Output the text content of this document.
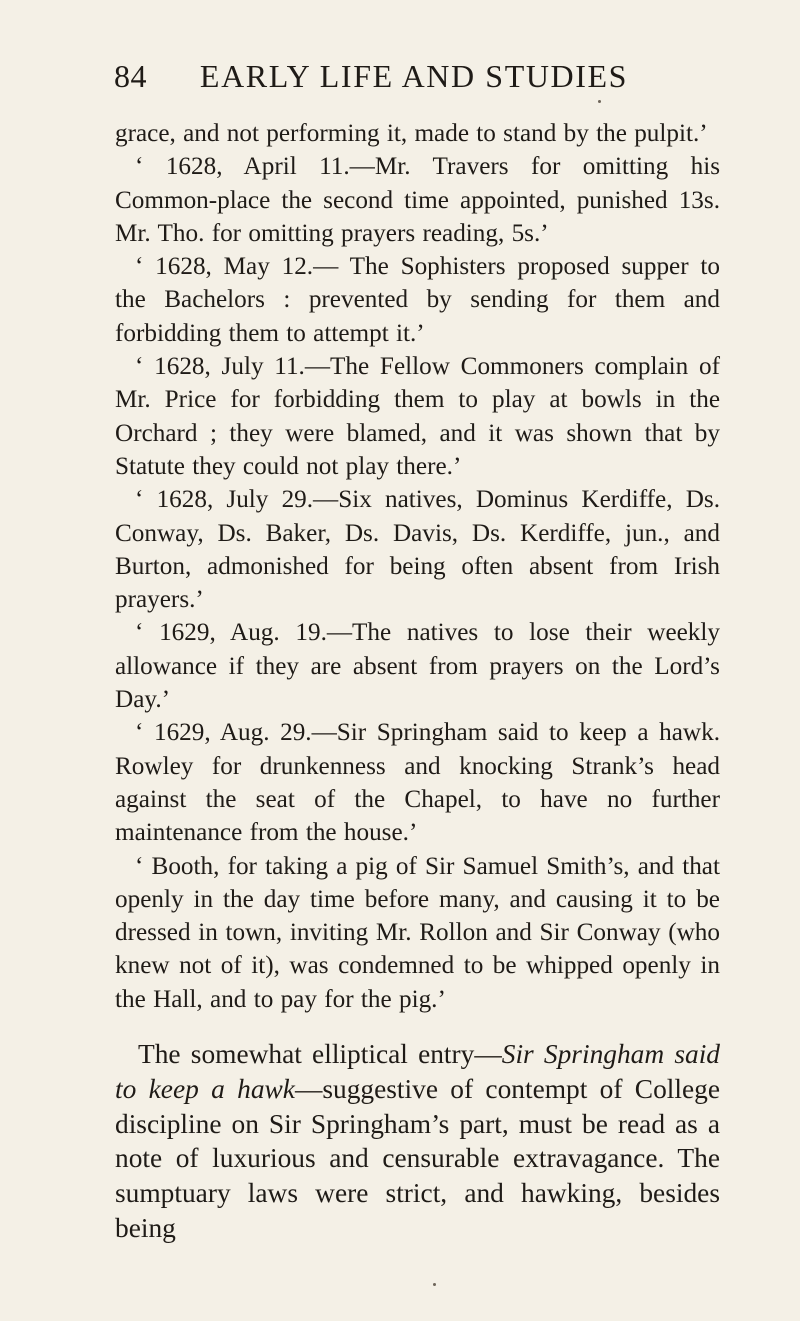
84	EARLY LIFE AND STUDIES

grace, and not performing it, made to stand by the pulpit.’

‘ 1628, April 11.—Mr. Travers for omitting his Common-place the second time appointed, punished 13s. Mr. Tho. for omitting prayers reading, 5s.’

‘ 1628, May 12.— The Sophisters proposed supper to the Bachelors : prevented by sending for them and forbidding them to attempt it.’

‘ 1628, July 11.—The Fellow Commoners complain of Mr. Price for forbidding them to play at bowls in the Orchard ; they were blamed, and it was shown that by Statute they could not play there.’

‘ 1628, July 29.—Six natives, Dominus Kerdiffe, Ds. Conway, Ds. Baker, Ds. Davis, Ds. Kerdiffe, jun., and Burton, admonished for being often absent from Irish prayers.’

‘ 1629, Aug. 19.—The natives to lose their weekly allowance if they are absent from prayers on the Lord’s Day.’

‘ 1629, Aug. 29.—Sir Springham said to keep a hawk. Rowley for drunkenness and knocking Strank’s head against the seat of the Chapel, to have no further maintenance from the house.’

‘ Booth, for taking a pig of Sir Samuel Smith’s, and that openly in the day time before many, and causing it to be dressed in town, inviting Mr. Rollon and Sir Conway (who knew not of it), was condemned to be whipped openly in the Hall, and to pay for the pig.’

The somewhat elliptical entry—Sir Springham said to keep a hawk—suggestive of contempt of College discipline on Sir Springham’s part, must be read as a note of luxurious and censurable extravagance. The sumptuary laws were strict, and hawking, besides being
